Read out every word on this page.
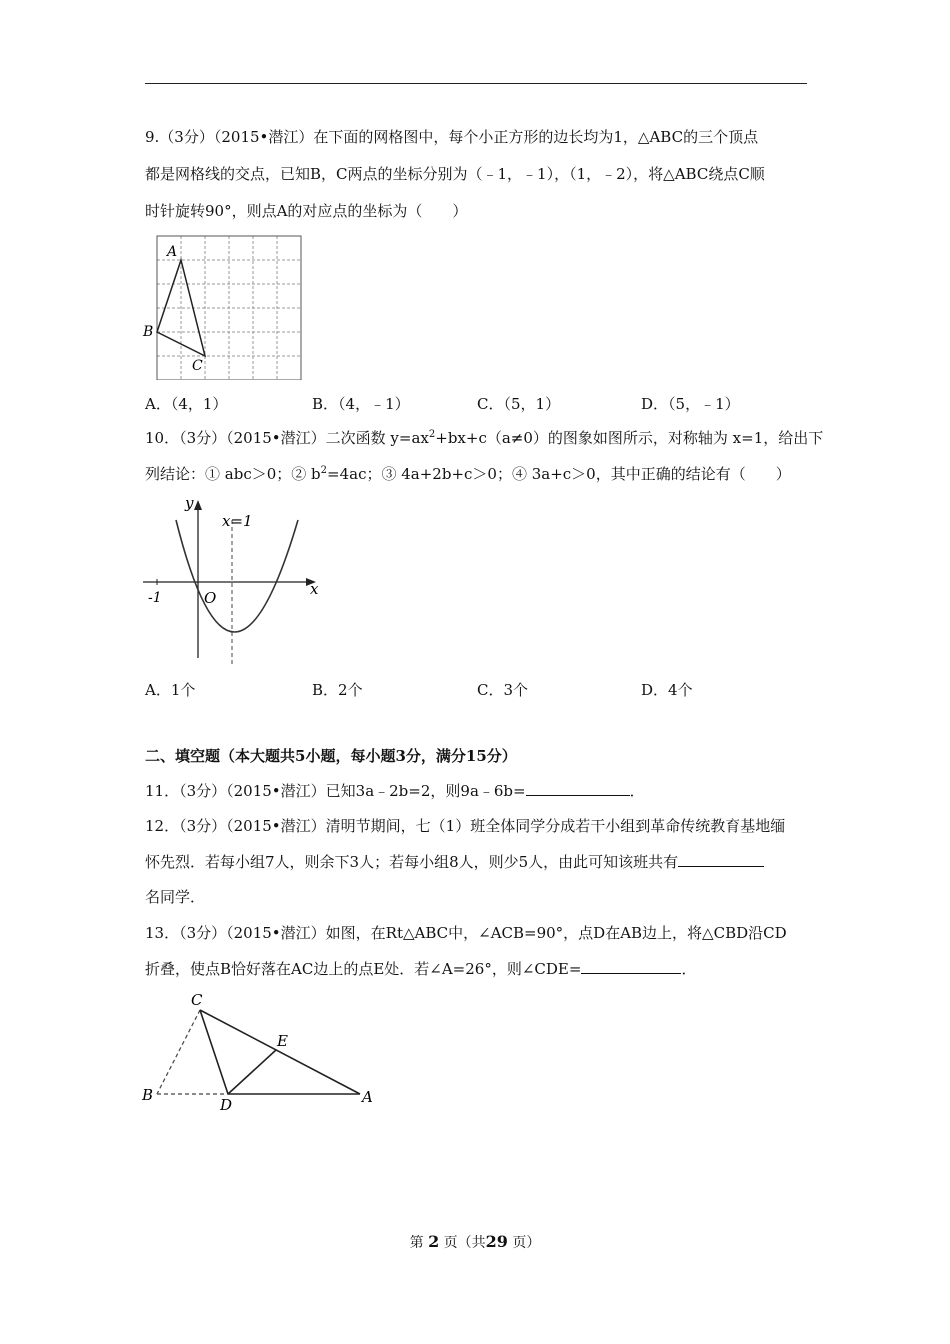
9.（3分）（2015•潜江）在下面的网格图中，每个小正方形的边长均为1，△ABC的三个顶点
都是网格线的交点，已知B，C两点的坐标分别为（﹣1，﹣1），（1，﹣2），将△ABC绕点C顺
时针旋转90°，则点A的对应点的坐标为（　　）
A
B
C
A．（4，1）	B．（4，﹣1）	C．（5，1）	D．（5，﹣1）
10．（3分）（2015•潜江）二次函数 $y=ax^2+bx+c(a\ne 0)$的图象如图所示，对称轴为 x=1，给出下
列结论：① abc＞0；② $b^2=4ac$；③ 4a+2b+c＞0；④ 3a+c＞0，其中正确的结论有（　　）
y
x
x=1
O
-1
A．1个	B．2个	C．3个	D．4个
二、填空题（本大题共5小题，每小题3分，满分15分）
11．（3分）（2015•潜江）已知3a﹣2b=2，则9a﹣6b=	．
12．（3分）（2015•潜江）清明节期间，七（1）班全体同学分成若干小组到革命传统教育基地缅
怀先烈．若每小组7人，则余下3人；若每小组8人，则少5人，由此可知该班共有
名同学．
13．（3分）（2015•潜江）如图，在Rt△ABC中，∠ACB=90°，点D在AB边上，将△CBD沿CD
折叠，使点B恰好落在AC边上的点E处．若∠A=26°，则∠CDE=	．
C
E
B
D	A
第 2 页（共29 页）
